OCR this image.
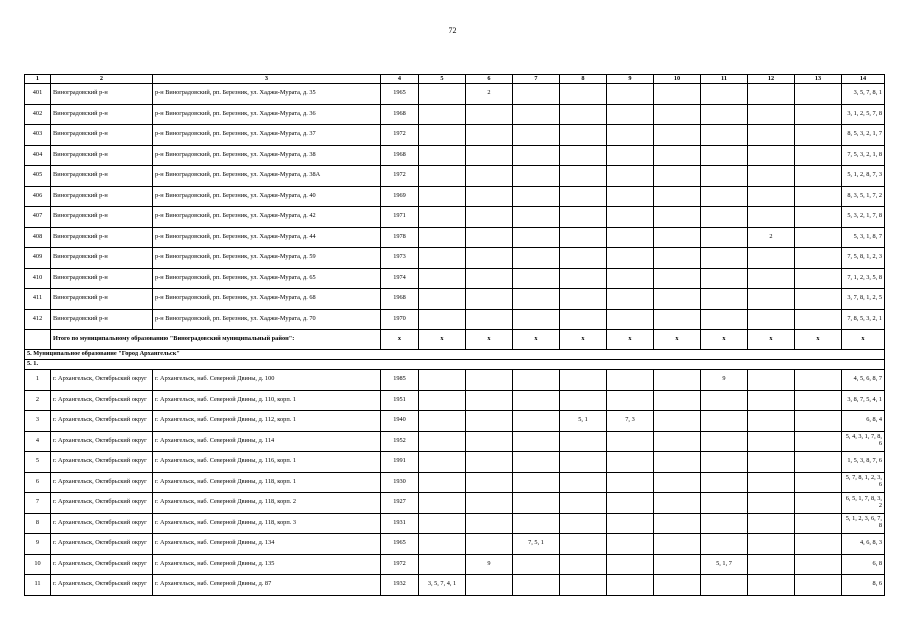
72
1	2	3	4	5	6	7	8	9	10	11	12	13	14
401	Виноградовский р-н	р-н Виноградовский, рп. Березник, ул. Хаджи-Мурата, д. 35	1965		2								3, 5, 7, 8, 1
402	Виноградовский р-н	р-н Виноградовский, рп. Березник, ул. Хаджи-Мурата, д. 36	1968										3, 1, 2, 5, 7, 8
403	Виноградовский р-н	р-н Виноградовский, рп. Березник, ул. Хаджи-Мурата, д. 37	1972										8, 5, 3, 2, 1, 7
404	Виноградовский р-н	р-н Виноградовский, рп. Березник, ул. Хаджи-Мурата, д. 38	1968										7, 5, 3, 2, 1, 8
405	Виноградовский р-н	р-н Виноградовский, рп. Березник, ул. Хаджи-Мурата, д. 38А	1972										5, 1, 2, 8, 7, 3
406	Виноградовский р-н	р-н Виноградовский, рп. Березник, ул. Хаджи-Мурата, д. 40	1969										8, 3, 5, 1, 7, 2
407	Виноградовский р-н	р-н Виноградовский, рп. Березник, ул. Хаджи-Мурата, д. 42	1971										5, 3, 2, 1, 7, 8
408	Виноградовский р-н	р-н Виноградовский, рп. Березник, ул. Хаджи-Мурата, д. 44	1978								2		5, 3, 1, 8, 7
409	Виноградовский р-н	р-н Виноградовский, рп. Березник, ул. Хаджи-Мурата, д. 59	1973										7, 5, 8, 1, 2, 3
410	Виноградовский р-н	р-н Виноградовский, рп. Березник, ул. Хаджи-Мурата, д. 65	1974										7, 1, 2, 3, 5, 8
411	Виноградовский р-н	р-н Виноградовский, рп. Березник, ул. Хаджи-Мурата, д. 68	1968										3, 7, 8, 1, 2, 5
412	Виноградовский р-н	р-н Виноградовский, рп. Березник, ул. Хаджи-Мурата, д. 70	1970										7, 8, 5, 3, 2, 1
	Итого по муниципальному образованию "Виноградовский муниципальный район":		x	x	x	x	x	x	x	x	x	x	x
5. Муниципальное образование "Город Архангельск"													
5. 1.													
1	г. Архангельск, Октябрьский округ	г. Архангельск, наб. Северной Двины, д. 100	1985							9			4, 5, 6, 8, 7
2	г. Архангельск, Октябрьский округ	г. Архангельск, наб. Северной Двины, д. 110, корп. 1	1951										3, 8, 7, 5, 4, 1
3	г. Архангельск, Октябрьский округ	г. Архангельск, наб. Северной Двины, д. 112, корп. 1	1940				5, 1	7, 3					6, 8, 4
4	г. Архангельск, Октябрьский округ	г. Архангельск, наб. Северной Двины, д. 114	1952										5, 4, 3, 1, 7, 8, 6
5	г. Архангельск, Октябрьский округ	г. Архангельск, наб. Северной Двины, д. 116, корп. 1	1991										1, 5, 3, 8, 7, 6
6	г. Архангельск, Октябрьский округ	г. Архангельск, наб. Северной Двины, д. 118, корп. 1	1930										5, 7, 8, 1, 2, 3, 6
7	г. Архангельск, Октябрьский округ	г. Архангельск, наб. Северной Двины, д. 118, корп. 2	1927										6, 5, 1, 7, 8, 3, 2
8	г. Архангельск, Октябрьский округ	г. Архангельск, наб. Северной Двины, д. 118, корп. 3	1931										5, 1, 2, 3, 6, 7, 8
9	г. Архангельск, Октябрьский округ	г. Архангельск, наб. Северной Двины, д. 134	1965			7, 5, 1							4, 6, 8, 3
10	г. Архангельск, Октябрьский округ	г. Архангельск, наб. Северной Двины, д. 135	1972		9					5, 1, 7			6, 8
11	г. Архангельск, Октябрьский округ	г. Архангельск, наб. Северной Двины, д. 87	1932	3, 5, 7, 4, 1									8, 6
